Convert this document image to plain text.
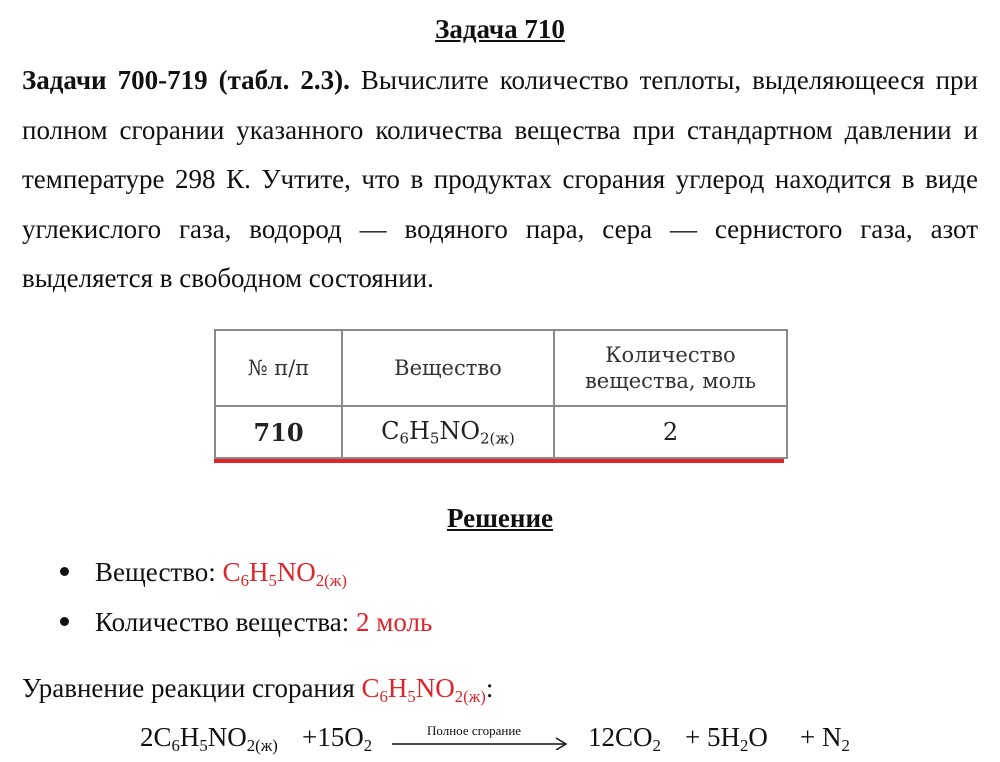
Задача 710
Задачи 700-719 (табл. 2.3). Вычислите количество теплоты, выделяющееся при полном сгорании указанного количества вещества при стандартном давлении и температуре 298 К. Учтите, что в продуктах сгорания углерод находится в виде углекислого газа, водород — водяного пара, сера — сернистого газа, азот выделяется в свободном состоянии.
№ п/п	Вещество	Количество
вещества, моль
710	$C_6H_5NO_{2(ж)}$	2
Решение
Вещество: $C_6H_5NO_{2(ж)}$
Количество вещества: 2 моль
Уравнение реакции сгорания $C_6H_5NO_{2(ж)}$:
Полное сгорание
$2C_6H_5NO_{2(ж)} +15O_2$	$12CO_2 + 5H_2O + N_2$
